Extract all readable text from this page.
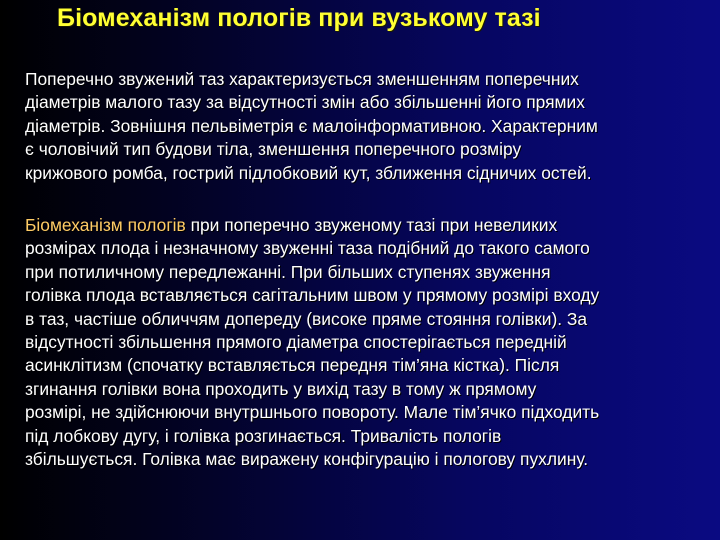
Біомеханізм пологів при вузькому тазі
Поперечно звужений таз характеризується зменшенням поперечних
діаметрів малого тазу за відсутності змін або збільшенні його прямих
діаметрів. Зовнішня пельвіметрія є малоінформативною. Характерним
є чоловічий тип будови тіла, зменшення поперечного розміру
крижового ромба, гострий підлобковий кут, зближення сідничих остей.
Біомеханізм пологів при поперечно звуженому тазі при невеликих
розмірах плода і незначному звуженні таза подібний до такого самого
при потиличному передлежанні. При більших ступенях звуження
голівка плода вставляється сагітальним швом у прямому розмірі входу
в таз, частіше обличчям допереду (високе пряме стояння голівки). За
відсутності збільшення прямого діаметра спостерігається передній
асинклітизм (спочатку вставляється передня тім’яна кістка). Після
згинання голівки вона проходить у вихід тазу в тому ж прямому
розмірі, не здійснюючи внутршнього повороту. Мале тім’ячко підходить
під лобкову дугу, і голівка розгинається. Тривалість пологів
збільшується. Голівка має виражену конфігурацію і пологову пухлину.
